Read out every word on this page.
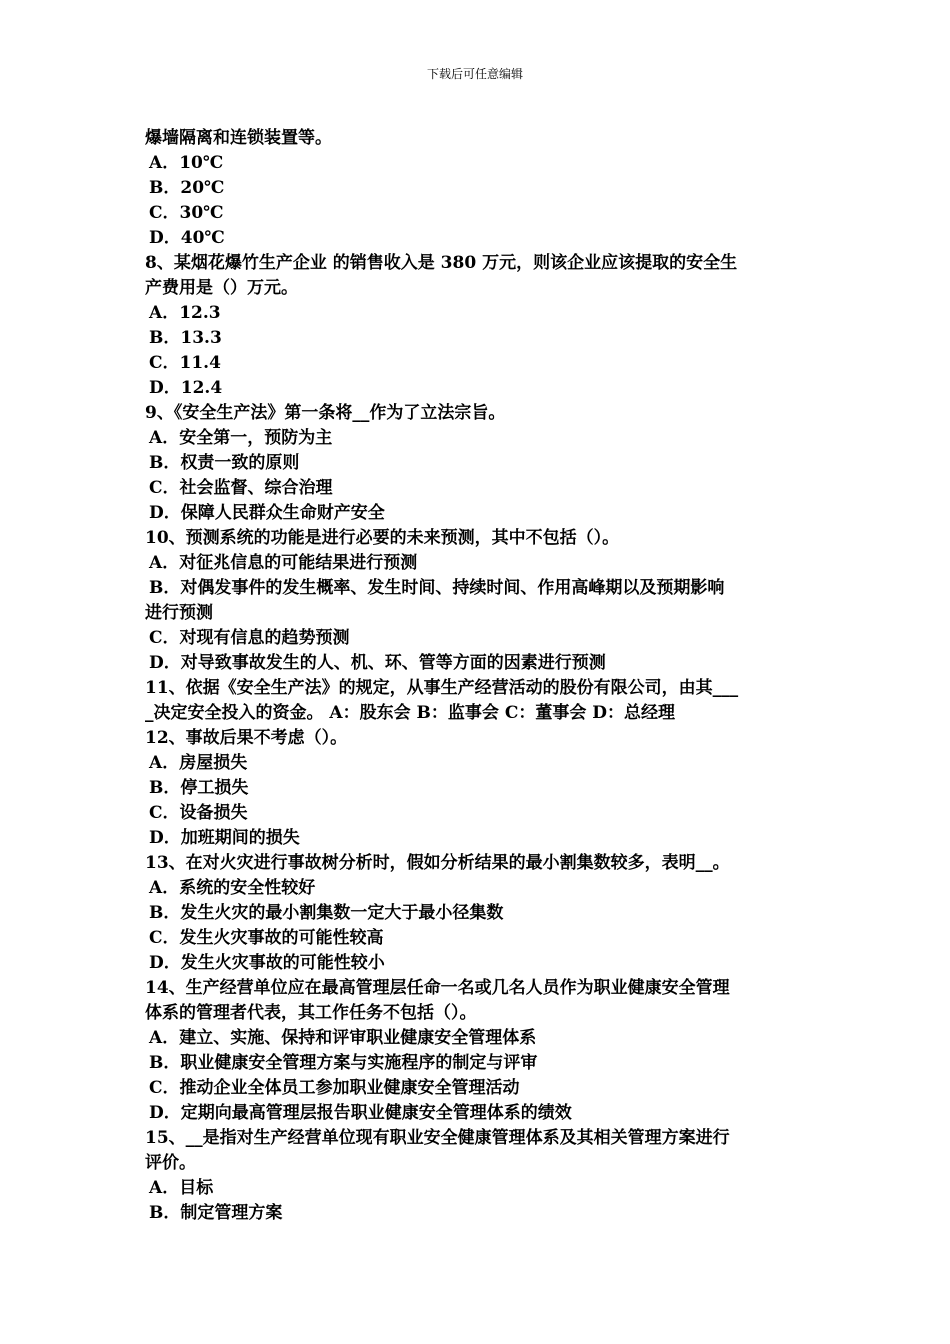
下载后可任意编辑
爆墙隔离和连锁装置等。
A．10℃
B．20℃
C．30℃
D．40℃
8、某烟花爆竹生产企业 的销售收入是 380 万元，则该企业应该提取的安全生
产费用是（）万元。
A．12.3
B．13.3
C．11.4
D．12.4
9、《安全生产法》第一条将__作为了立法宗旨。
A．安全第一，预防为主
B．权责一致的原则
C．社会监督、综合治理
D．保障人民群众生命财产安全
10、预测系统的功能是进行必要的未来预测，其中不包括（）。
A．对征兆信息的可能结果进行预测
B．对偶发事件的发生概率、发生时间、持续时间、作用高峰期以及预期影响
进行预测
C．对现有信息的趋势预测
D．对导致事故发生的人、机、环、管等方面的因素进行预测
11、依据《安全生产法》的规定，从事生产经营活动的股份有限公司，由其___
_决定安全投入的资金。 A：股东会 B：监事会 C：董事会 D：总经理
12、事故后果不考虑（）。
A．房屋损失
B．停工损失
C．设备损失
D．加班期间的损失
13、在对火灾进行事故树分析时，假如分析结果的最小割集数较多，表明__。
A．系统的安全性较好
B．发生火灾的最小割集数一定大于最小径集数
C．发生火灾事故的可能性较高
D．发生火灾事故的可能性较小
14、生产经营单位应在最高管理层任命一名或几名人员作为职业健康安全管理
体系的管理者代表，其工作任务不包括（）。
A．建立、实施、保持和评审职业健康安全管理体系
B．职业健康安全管理方案与实施程序的制定与评审
C．推动企业全体员工参加职业健康安全管理活动
D．定期向最高管理层报告职业健康安全管理体系的绩效
15、__是指对生产经营单位现有职业安全健康管理体系及其相关管理方案进行
评价。
A．目标
B．制定管理方案
